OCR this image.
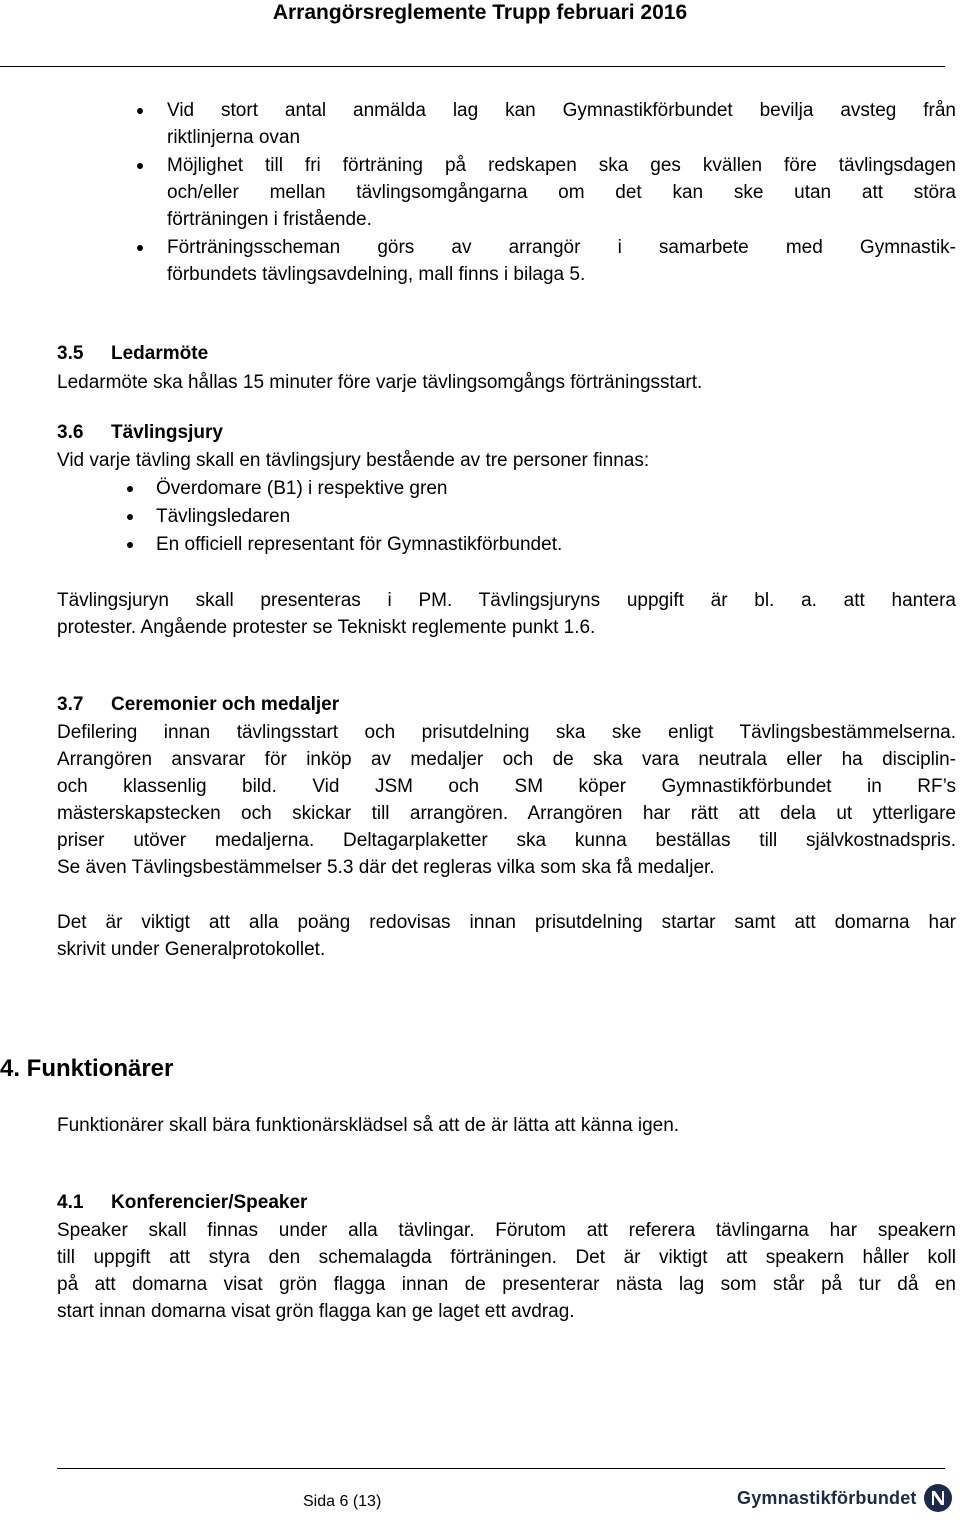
Arrangörsreglemente Trupp februari 2016
Vid stort antal anmälda lag kan Gymnastikförbundet bevilja avsteg från
riktlinjerna ovan
Möjlighet till fri förträning på redskapen ska ges kvällen före tävlingsdagen
och/eller mellan tävlingsomgångarna om det kan ske utan att störa
förträningen i fristående.
Förträningsscheman görs av arrangör i samarbete med Gymnastik-
förbundets tävlingsavdelning, mall finns i bilaga 5.
3.5 Ledarmöte
Ledarmöte ska hållas 15 minuter före varje tävlingsomgångs förträningsstart.
3.6 Tävlingsjury
Vid varje tävling skall en tävlingsjury bestående av tre personer finnas:
Överdomare (B1) i respektive gren
Tävlingsledaren
En officiell representant för Gymnastikförbundet.
Tävlingsjuryn skall presenteras i PM. Tävlingsjuryns uppgift är bl. a. att hantera
protester. Angående protester se Tekniskt reglemente punkt 1.6.
3.7 Ceremonier och medaljer
Defilering innan tävlingsstart och prisutdelning ska ske enligt Tävlingsbestämmelserna.
Arrangören ansvarar för inköp av medaljer och de ska vara neutrala eller ha disciplin-
och klassenlig bild. Vid JSM och SM köper Gymnastikförbundet in RF’s
mästerskapstecken och skickar till arrangören. Arrangören har rätt att dela ut ytterligare
priser utöver medaljerna. Deltagarplaketter ska kunna beställas till självkostnadspris.
Se även Tävlingsbestämmelser 5.3 där det regleras vilka som ska få medaljer.
Det är viktigt att alla poäng redovisas innan prisutdelning startar samt att domarna har
skrivit under Generalprotokollet.
4. Funktionärer
Funktionärer skall bära funktionärsklädsel så att de är lätta att känna igen.
4.1 Konferencier/Speaker
Speaker skall finnas under alla tävlingar. Förutom att referera tävlingarna har speakern
till uppgift att styra den schemalagda förträningen. Det är viktigt att speakern håller koll
på att domarna visat grön flagga innan de presenterar nästa lag som står på tur då en
start innan domarna visat grön flagga kan ge laget ett avdrag.
Sida 6 (13)	Gymnastikförbundet
